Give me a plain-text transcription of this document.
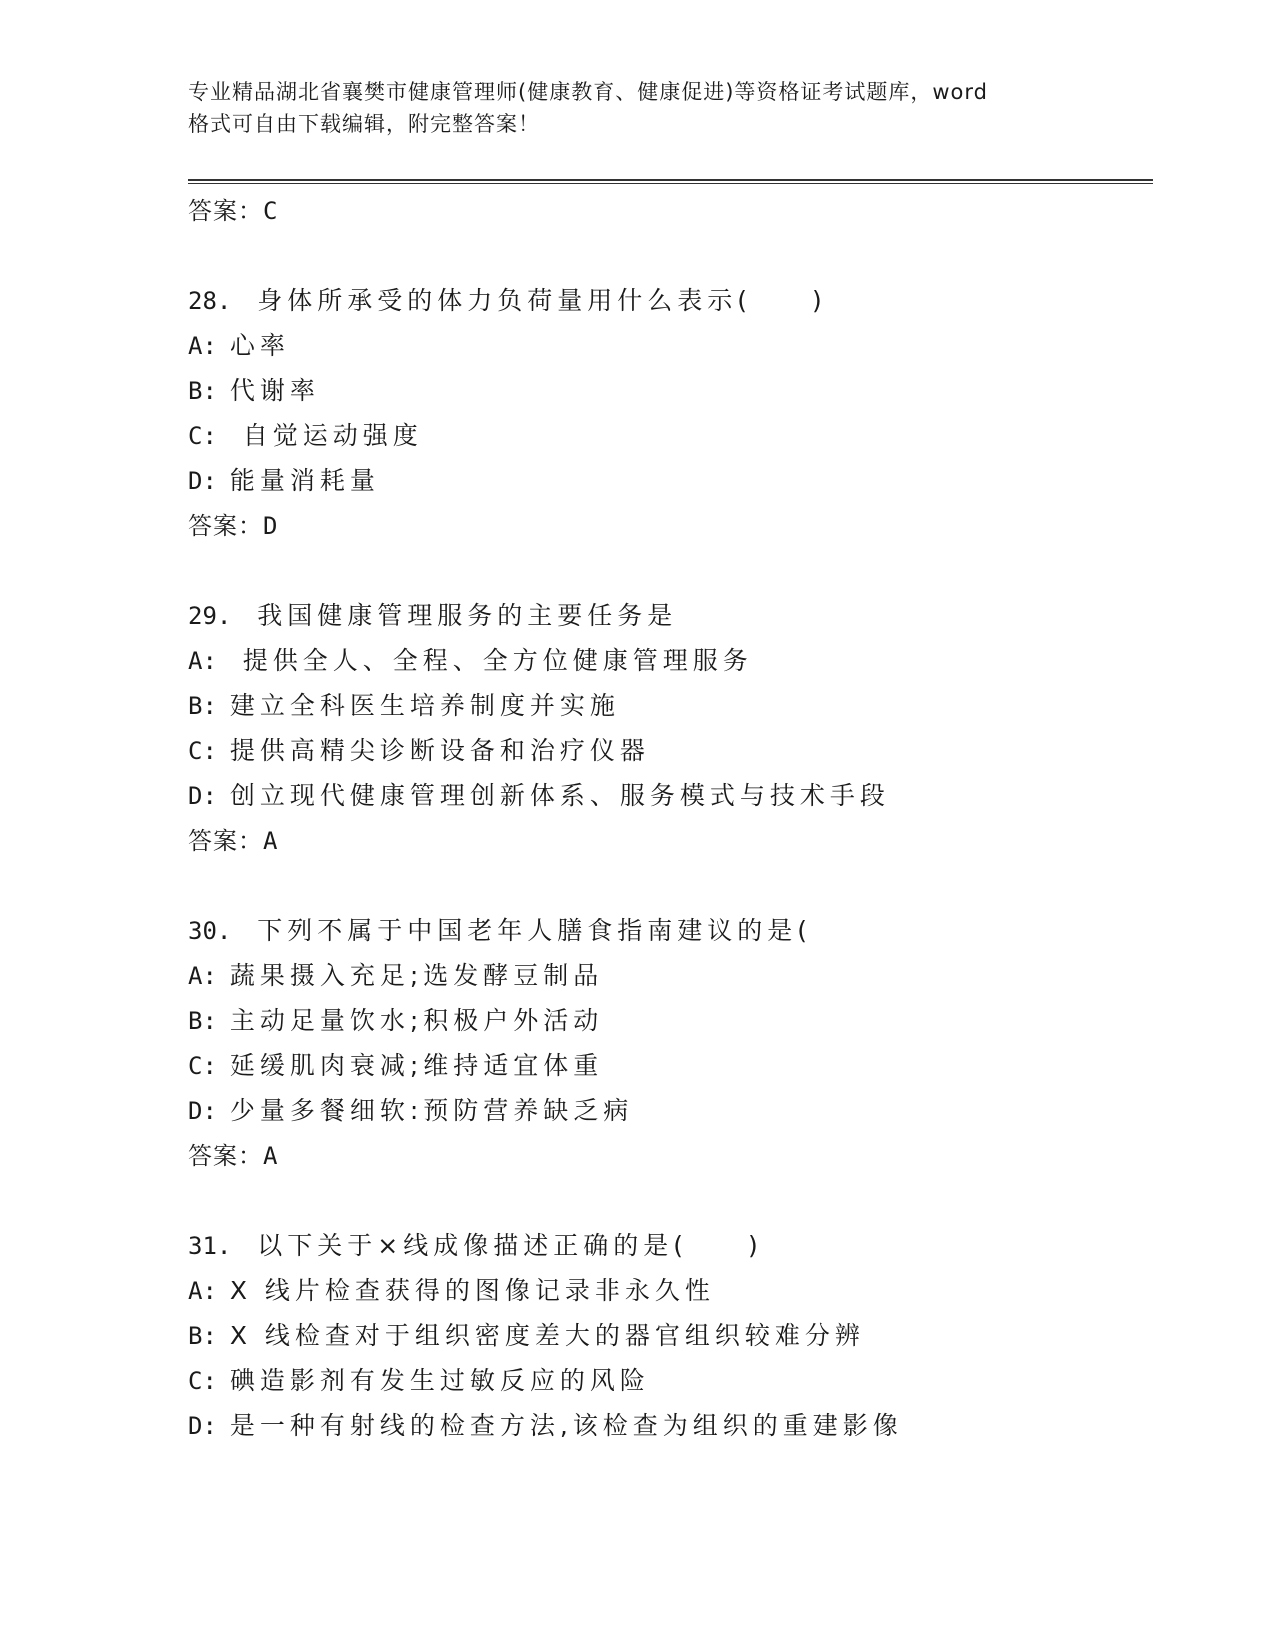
专业精品湖北省襄樊市健康管理师(健康教育、健康促进)等资格证考试题库，word
格式可自由下载编辑，附完整答案！
答案：C
28. 身体所承受的体力负荷量用什么表示(　　)
A: 心率
B: 代谢率
C:  自觉运动强度
D: 能量消耗量
答案：D
29. 我国健康管理服务的主要任务是
A:  提供全人、全程、全方位健康管理服务
B: 建立全科医生培养制度并实施
C: 提供高精尖诊断设备和治疗仪器
D: 创立现代健康管理创新体系、服务模式与技术手段
答案：A
30. 下列不属于中国老年人膳食指南建议的是(
A: 蔬果摄入充足;选发酵豆制品
B: 主动足量饮水;积极户外活动
C: 延缓肌肉衰减;维持适宜体重
D: 少量多餐细软:预防营养缺乏病
答案：A
31. 以下关于×线成像描述正确的是(　　)
A: X 线片检查获得的图像记录非永久性
B: X 线检查对于组织密度差大的器官组织较难分辨
C: 碘造影剂有发生过敏反应的风险
D: 是一种有射线的检查方法,该检查为组织的重建影像
